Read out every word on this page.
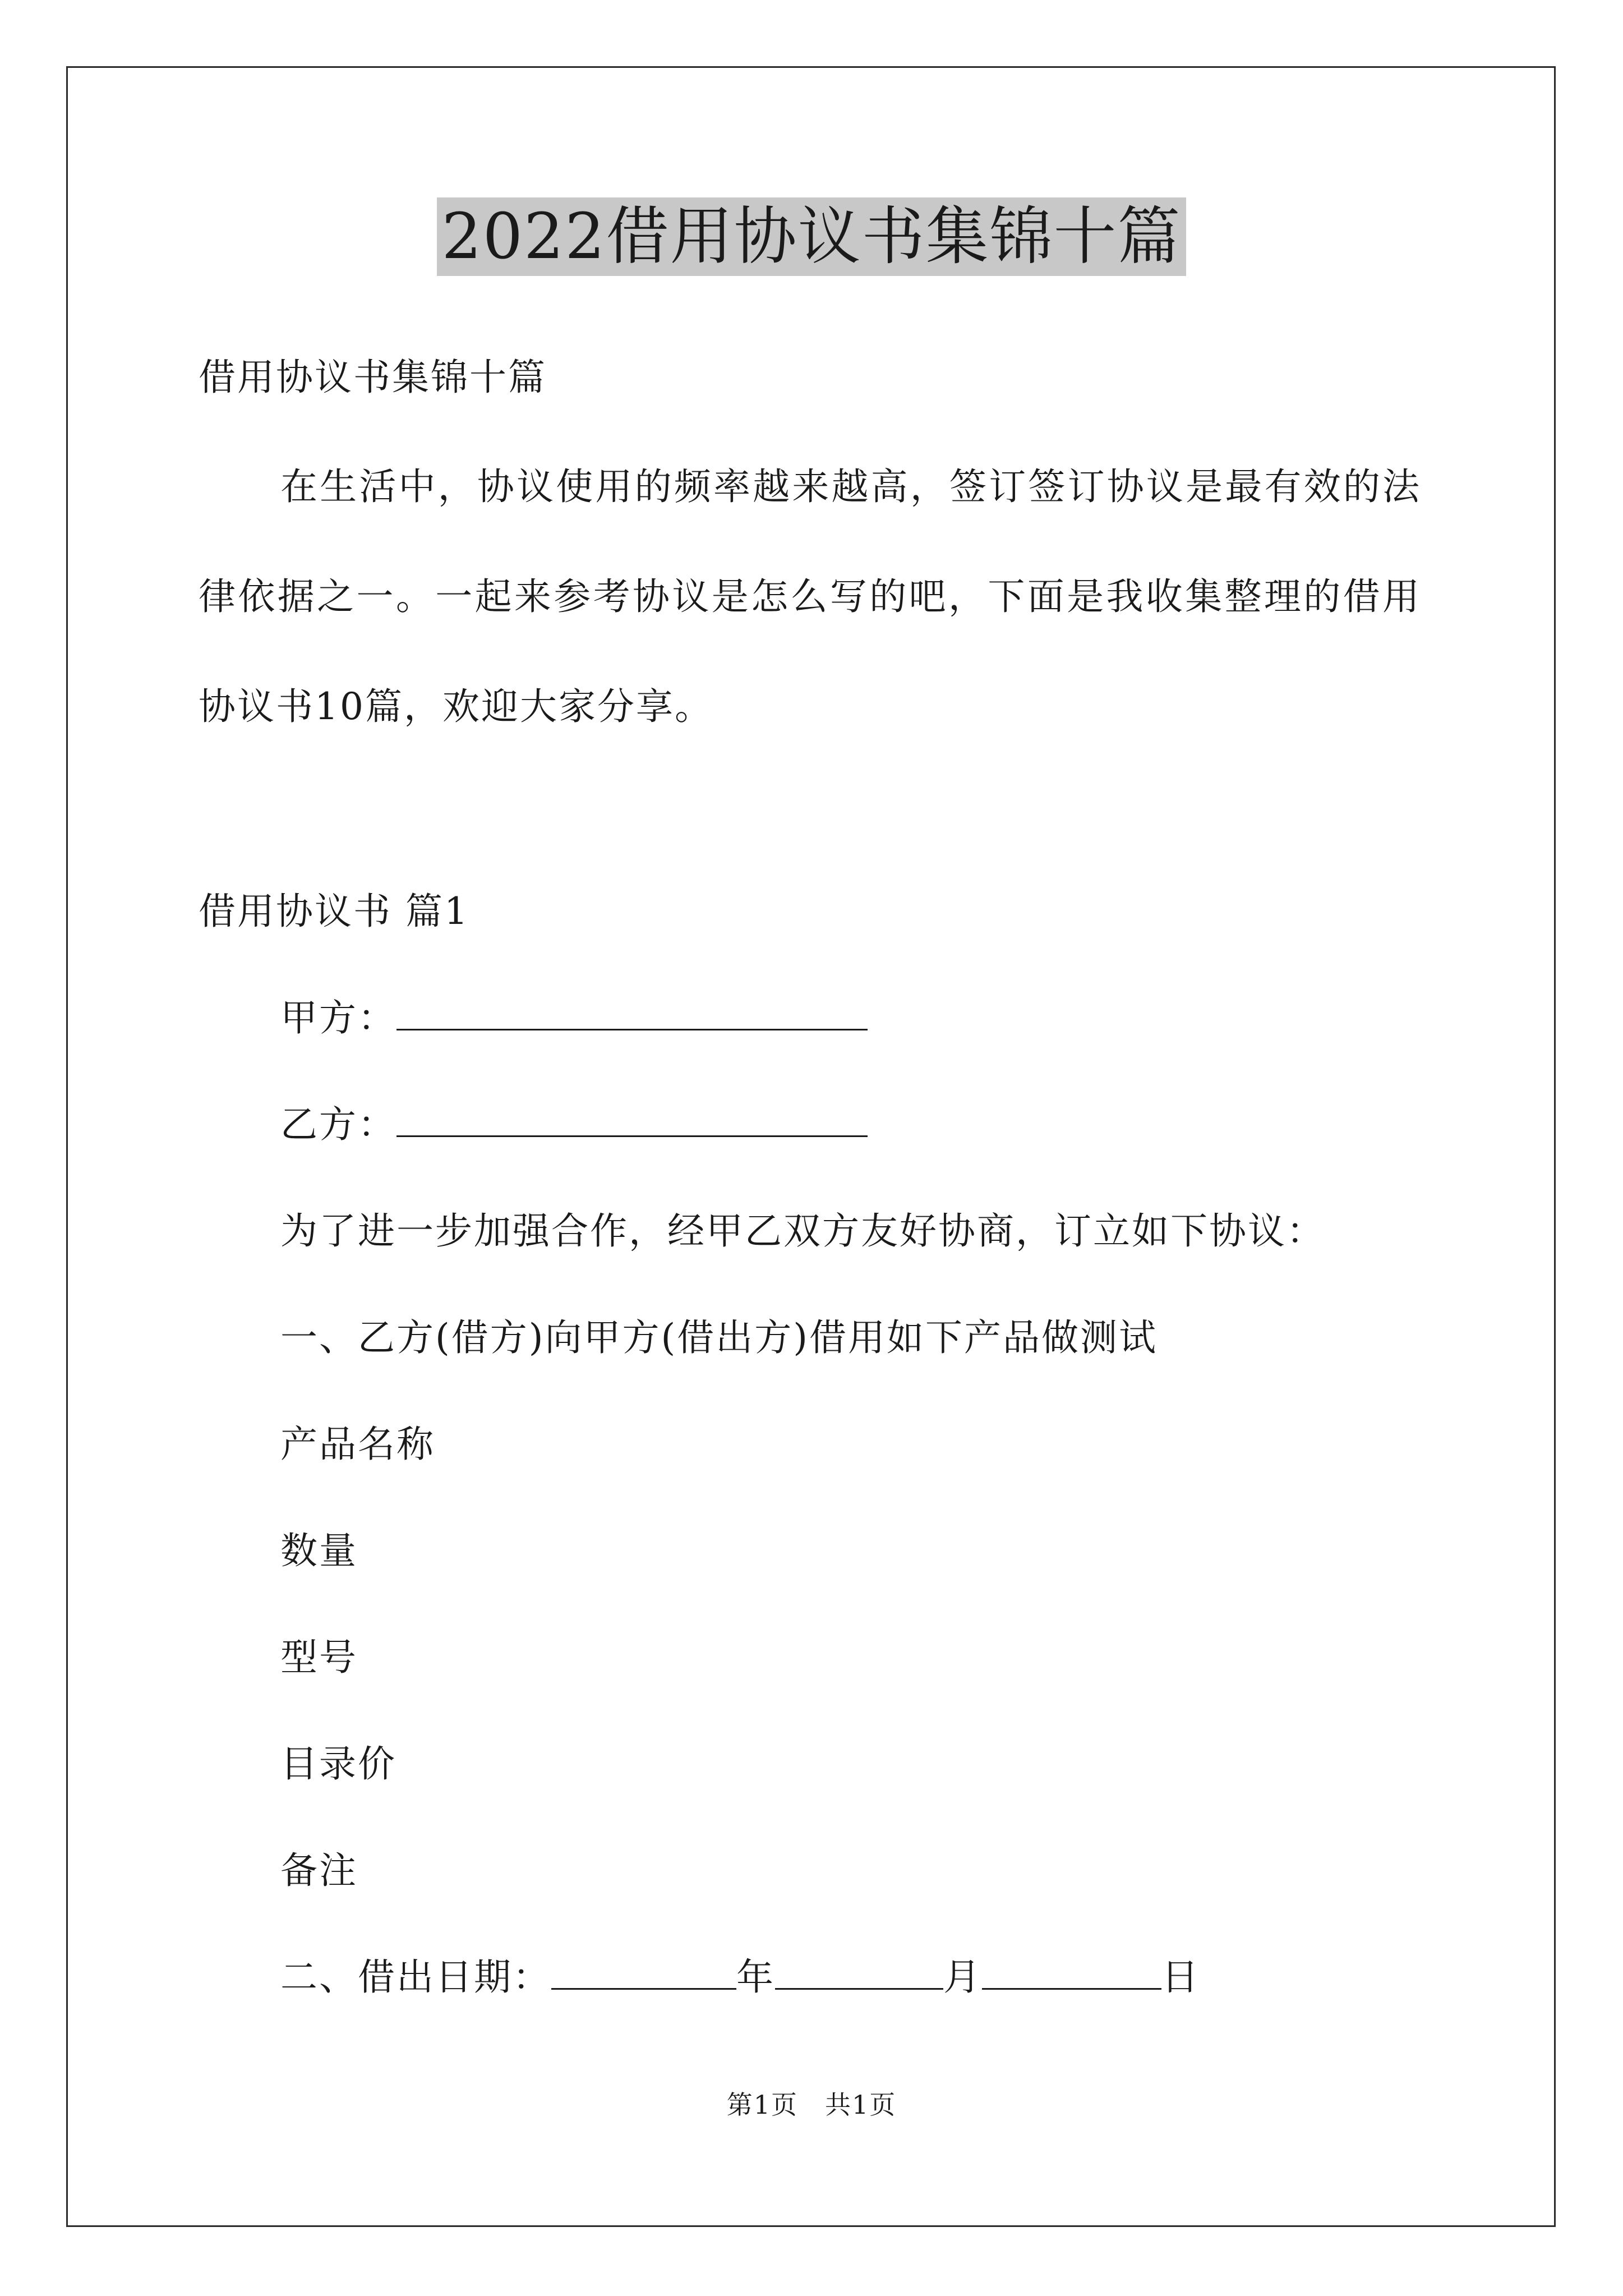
2022借用协议书集锦十篇
借用协议书集锦十篇
在生活中，协议使用的频率越来越高，签订签订协议是最有效的法律依据之一。一起来参考协议是怎么写的吧，下面是我收集整理的借用协议书10篇，欢迎大家分享。
借用协议书 篇1
甲方：
乙方：
为了进一步加强合作，经甲乙双方友好协商，订立如下协议：
一、乙方(借方)向甲方(借出方)借用如下产品做测试
产品名称
数量
型号
目录价
备注
二、借出日期：	年	月	日
第1页　共1页
